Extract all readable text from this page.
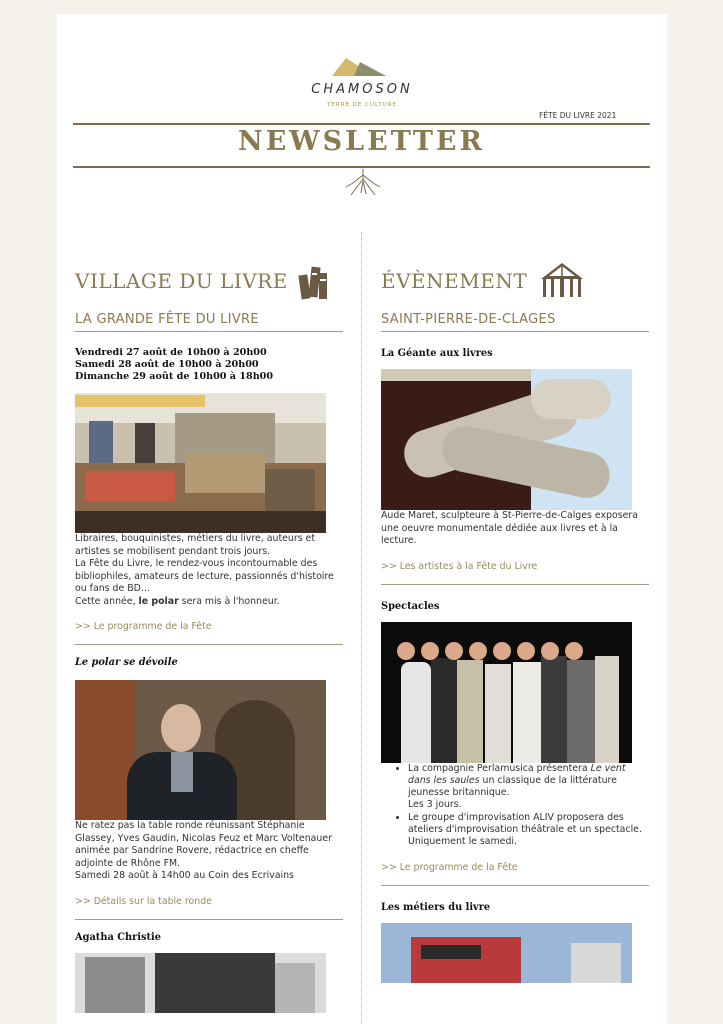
CHAMOSON
TERRE DE CULTURE
FÊTE DU LIVRE 2021
NEWSLETTER
VILLAGE DU LIVRE
LA GRANDE FÊTE DU LIVRE
Vendredi 27 août de 10h00 à 20h00
Samedi 28 août de 10h00 à 20h00
Dimanche 29 août de 10h00 à 18h00
Libraires, bouquinistes, métiers du livre, auteurs et artistes se mobilisent pendant trois jours.
La Fête du Livre, le rendez-vous incontournable des bibliophiles, amateurs de lecture, passionnés d'histoire ou fans de BD…
Cette année, le polar sera mis à l'honneur.
>> Le programme de la Fête
Le polar se dévoile
Ne ratez pas la table ronde réunissant Stéphanie Glassey, Yves Gaudin, Nicolas Feuz et Marc Voltenauer animée par Sandrine Rovere, rédactrice en cheffe adjointe de Rhône FM.
Samedi 28 août à 14h00 au Coin des Ecrivains
>> Détails sur la table ronde
Agatha Christie
ÉVÈNEMENT
SAINT-PIERRE-DE-CLAGES
La Géante aux livres
Aude Maret, sculpteure à St-Pierre-de-Calges exposera une oeuvre monumentale dédiée aux livres et à la lecture.
>> Les artistes à la Fête du Livre
Spectacles
• La compagnie Perlamusica présentera Le vent dans les saules un classique de la littérature jeunesse britannique.
Les 3 jours.
• Le groupe d'improvisation ALIV proposera des ateliers d'improvisation théâtrale et un spectacle.
Uniquement le samedi.
>> Le programme de la Fête
Les métiers du livre
